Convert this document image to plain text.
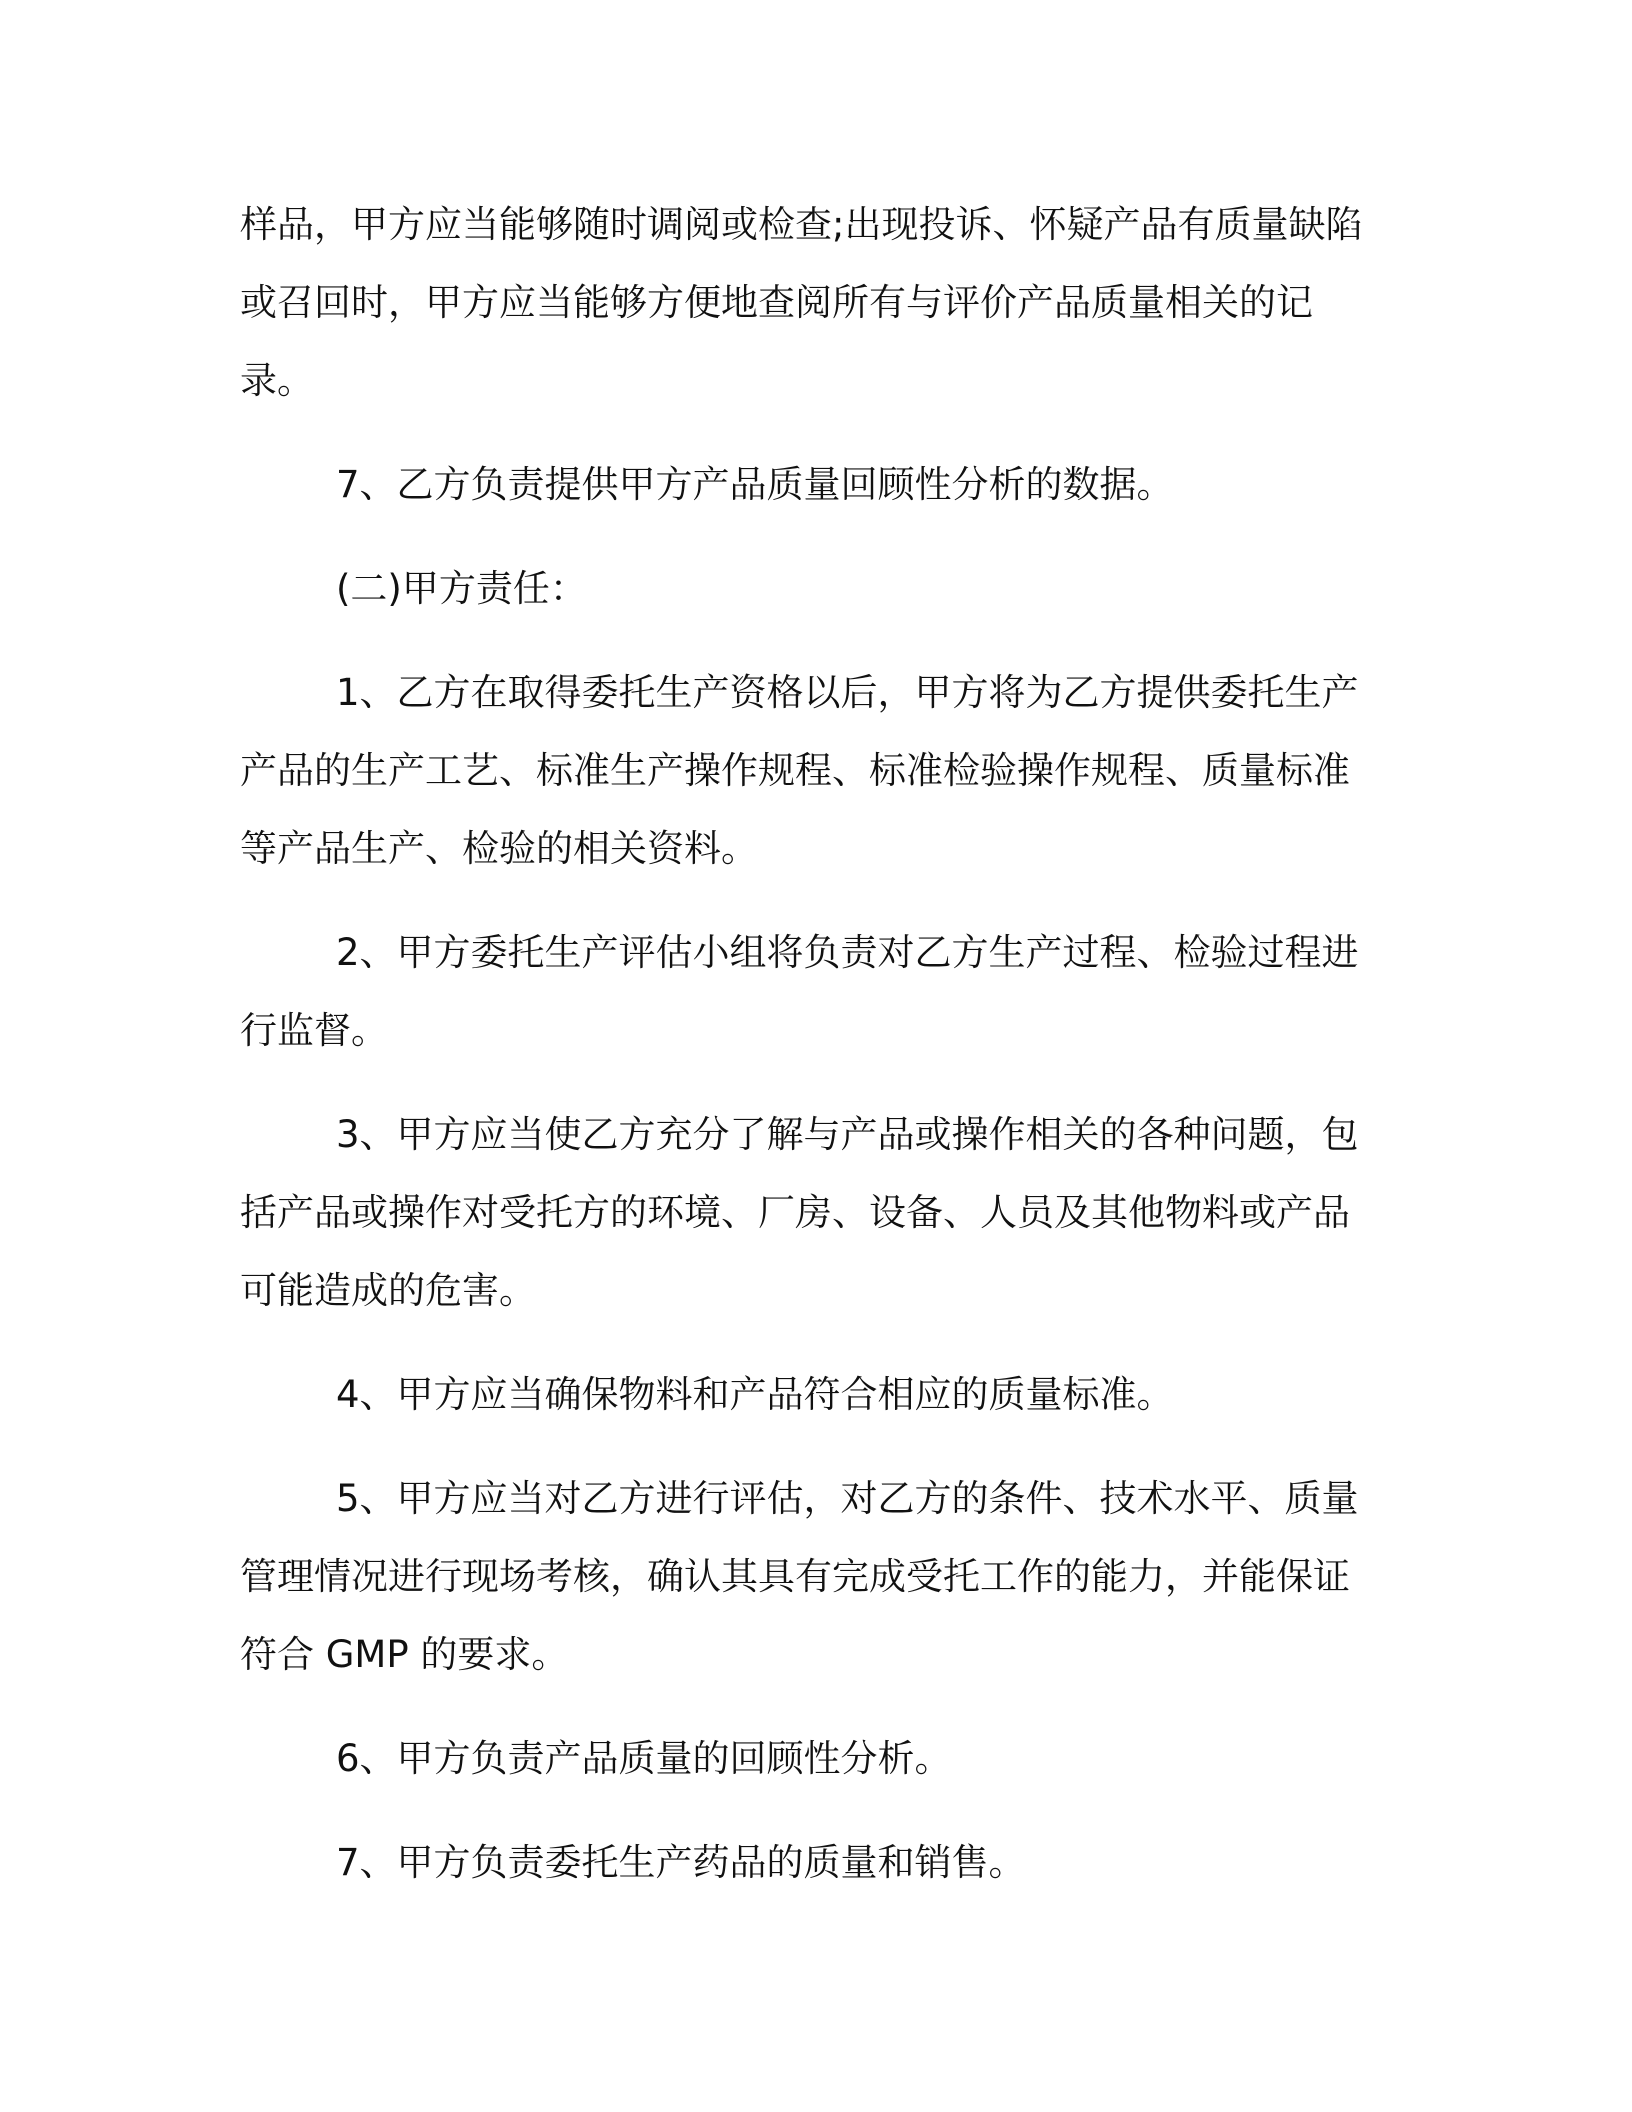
样品，甲方应当能够随时调阅或检查;出现投诉、怀疑产品有质量缺陷或召回时，甲方应当能够方便地查阅所有与评价产品质量相关的记录。

7、乙方负责提供甲方产品质量回顾性分析的数据。

(二)甲方责任：

1、乙方在取得委托生产资格以后，甲方将为乙方提供委托生产产品的生产工艺、标准生产操作规程、标准检验操作规程、质量标准等产品生产、检验的相关资料。

2、甲方委托生产评估小组将负责对乙方生产过程、检验过程进行监督。

3、甲方应当使乙方充分了解与产品或操作相关的各种问题，包括产品或操作对受托方的环境、厂房、设备、人员及其他物料或产品可能造成的危害。

4、甲方应当确保物料和产品符合相应的质量标准。

5、甲方应当对乙方进行评估，对乙方的条件、技术水平、质量管理情况进行现场考核，确认其具有完成受托工作的能力，并能保证符合 GMP 的要求。

6、甲方负责产品质量的回顾性分析。

7、甲方负责委托生产药品的质量和销售。
